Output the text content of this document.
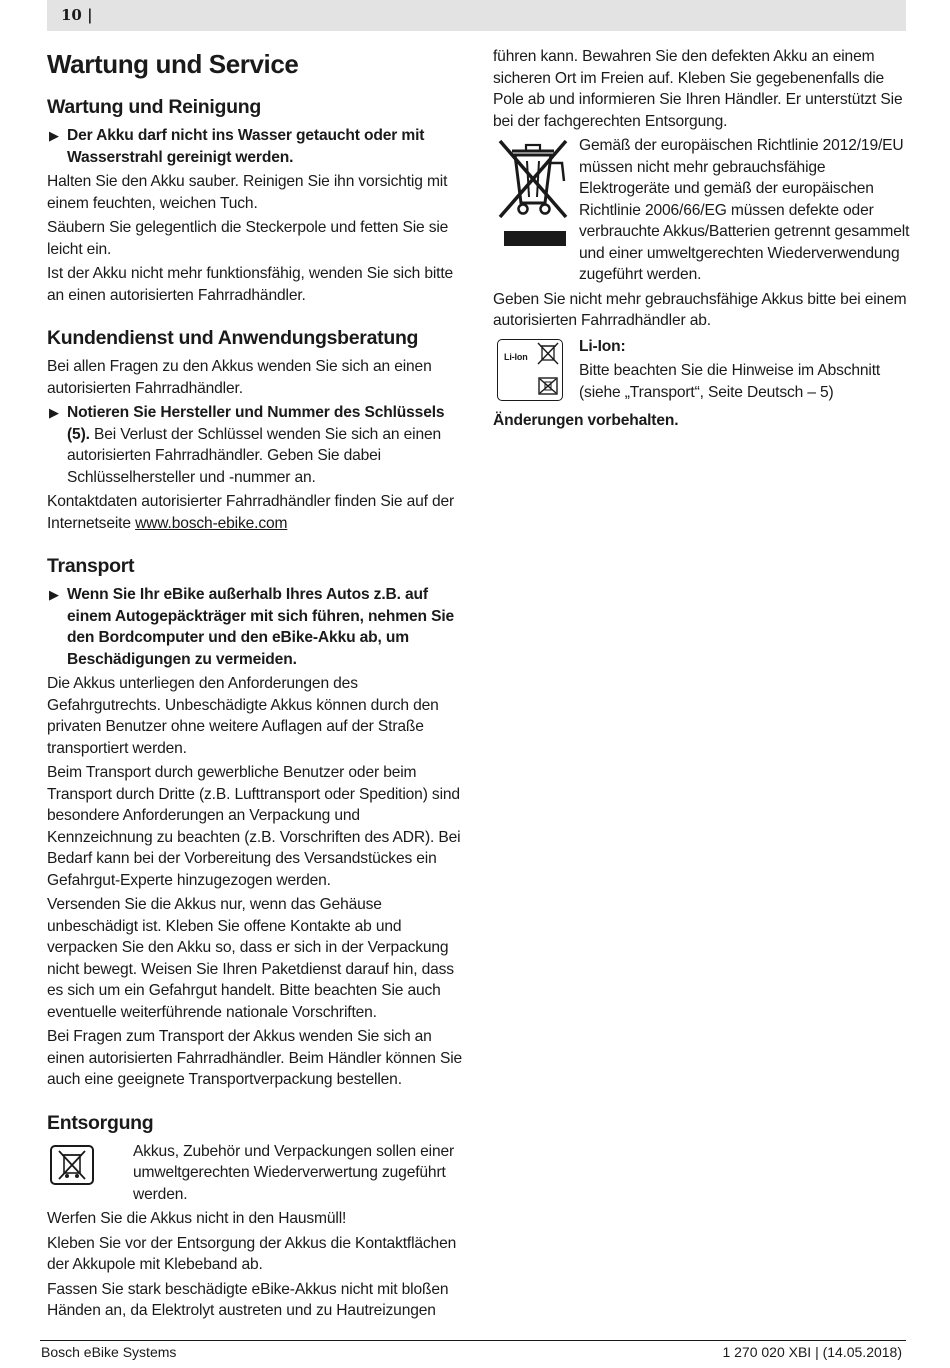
10 |
Wartung und Service
Wartung und Reinigung
▶ Der Akku darf nicht ins Wasser getaucht oder mit Wasserstrahl gereinigt werden.

Halten Sie den Akku sauber. Reinigen Sie ihn vorsichtig mit einem feuchten, weichen Tuch.

Säubern Sie gelegentlich die Steckerpole und fetten Sie sie leicht ein.

Ist der Akku nicht mehr funktionsfähig, wenden Sie sich bitte an einen autorisierten Fahrradhändler.

Kundendienst und Anwendungsberatung

Bei allen Fragen zu den Akkus wenden Sie sich an einen autorisierten Fahrradhändler.

▶ Notieren Sie Hersteller und Nummer des Schlüssels (5). Bei Verlust der Schlüssel wenden Sie sich an einen autorisierten Fahrradhändler. Geben Sie dabei Schlüsselhersteller und -nummer an.

Kontaktdaten autorisierter Fahrradhändler finden Sie auf der Internetseite www.bosch-ebike.com

Transport
▶ Wenn Sie Ihr eBike außerhalb Ihres Autos z.B. auf einem Autogepäckträger mit sich führen, nehmen Sie den Bordcomputer und den eBike-Akku ab, um Beschädigungen zu vermeiden.

Die Akkus unterliegen den Anforderungen des Gefahrgutrechts. Unbeschädigte Akkus können durch den privaten Benutzer ohne weitere Auflagen auf der Straße transportiert werden.

Beim Transport durch gewerbliche Benutzer oder beim Transport durch Dritte (z.B. Lufttransport oder Spedition) sind besondere Anforderungen an Verpackung und Kennzeichnung zu beachten (z.B. Vorschriften des ADR). Bei Bedarf kann bei der Vorbereitung des Versandstückes ein Gefahrgut-Experte hinzugezogen werden.

Versenden Sie die Akkus nur, wenn das Gehäuse unbeschädigt ist. Kleben Sie offene Kontakte ab und verpacken Sie den Akku so, dass er sich in der Verpackung nicht bewegt. Weisen Sie Ihren Paketdienst darauf hin, dass es sich um ein Gefahrgut handelt. Bitte beachten Sie auch eventuelle weiterführende nationale Vorschriften.

Bei Fragen zum Transport der Akkus wenden Sie sich an einen autorisierten Fahrradhändler. Beim Händler können Sie auch eine geeignete Transportverpackung bestellen.

Entsorgung

Akkus, Zubehör und Verpackungen sollen einer umweltgerechten Wiederverwertung zugeführt werden.

Werfen Sie die Akkus nicht in den Hausmüll!

Kleben Sie vor der Entsorgung der Akkus die Kontaktflächen der Akkupole mit Klebeband ab.

Fassen Sie stark beschädigte eBike-Akkus nicht mit bloßen Händen an, da Elektrolyt austreten und zu Hautreizungen

führen kann. Bewahren Sie den defekten Akku an einem sicheren Ort im Freien auf. Kleben Sie gegebenenfalls die Pole ab und informieren Sie Ihren Händler. Er unterstützt Sie bei der fachgerechten Entsorgung.

Gemäß der europäischen Richtlinie 2012/19/EU müssen nicht mehr gebrauchsfähige Elektrogeräte und gemäß der europäischen Richtlinie 2006/66/EG müssen defekte oder verbrauchte Akkus/Batterien getrennt gesammelt und einer umweltgerechten Wiederverwendung zugeführt werden.

Geben Sie nicht mehr gebrauchsfähige Akkus bitte bei einem autorisierten Fahrradhändler ab.

Li-Ion

Li-Ion:

Bitte beachten Sie die Hinweise im Abschnitt (siehe „Transport“, Seite Deutsch – 5)

Änderungen vorbehalten.

Bosch eBike Systems	1 270 020 XBI | (14.05.2018)
